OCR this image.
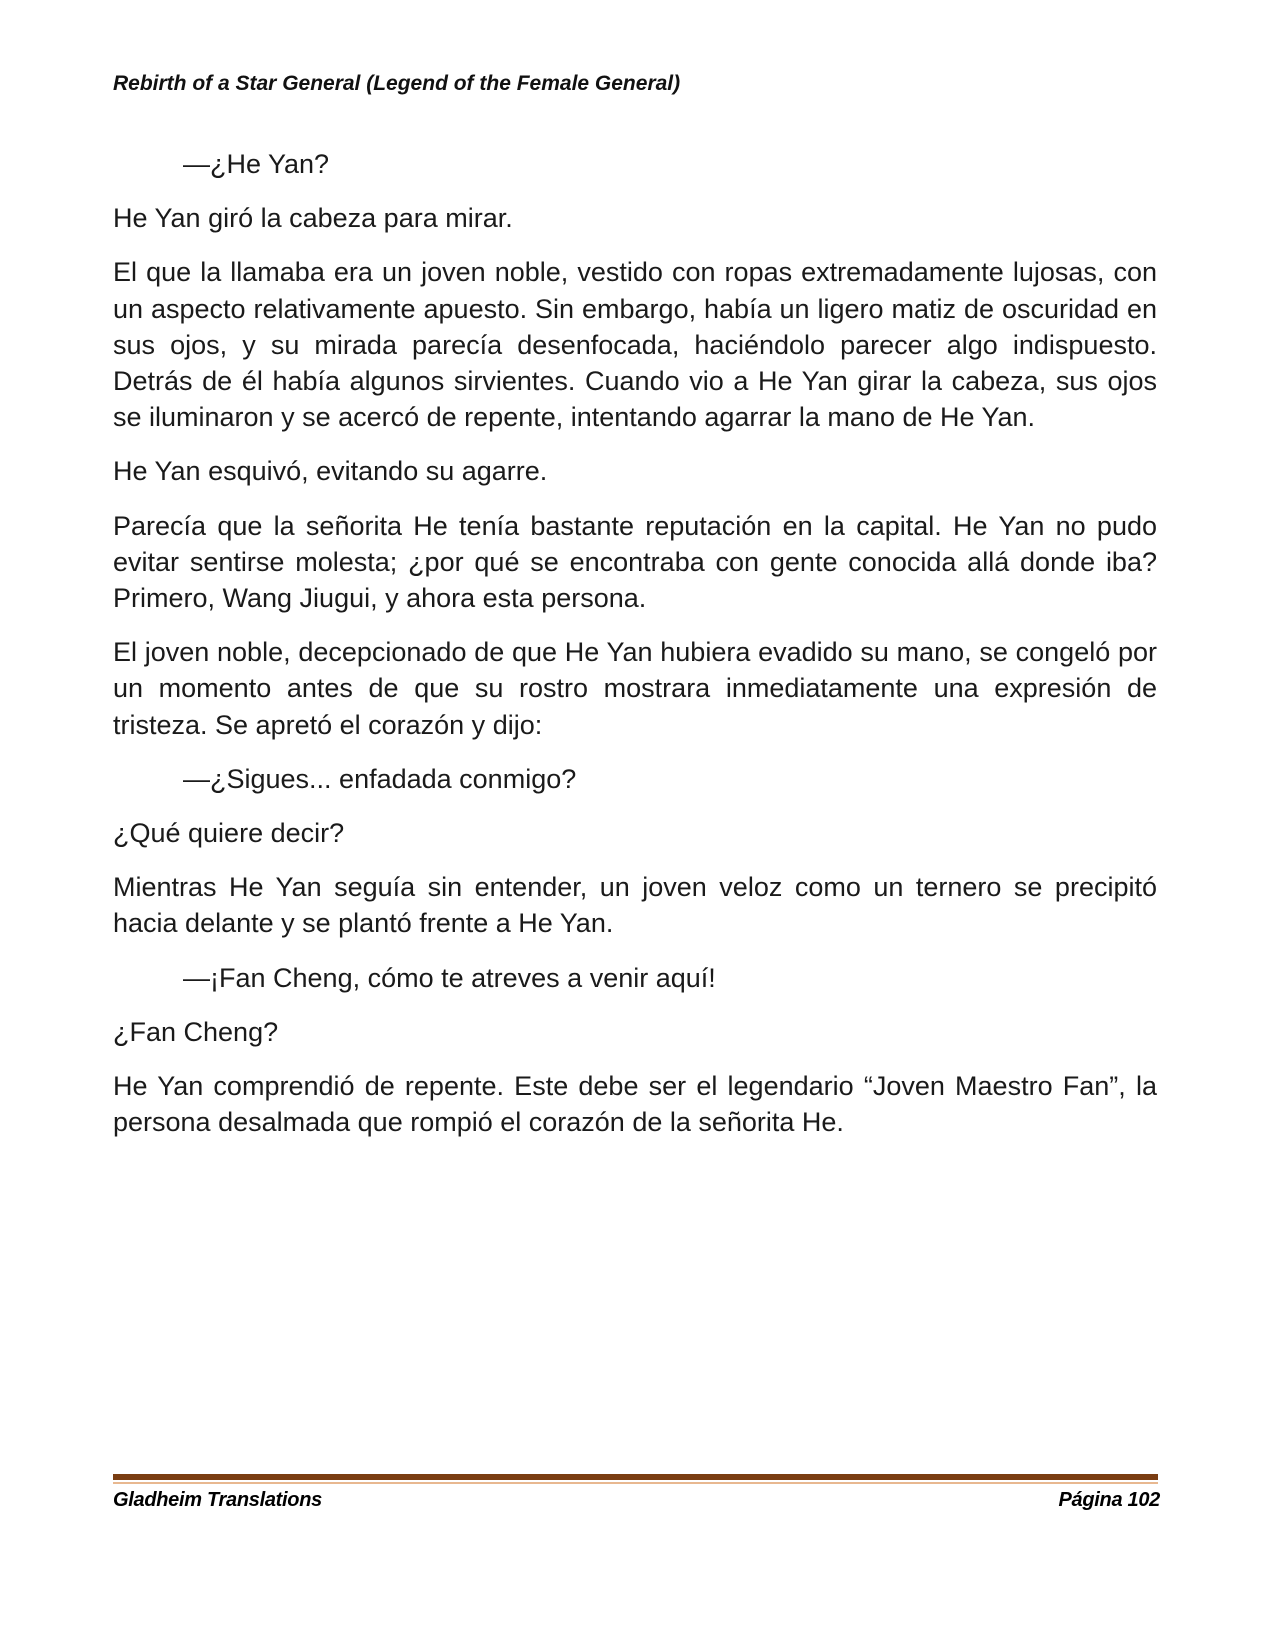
Rebirth of a Star General (Legend of the Female General)

—¿He Yan?

He Yan giró la cabeza para mirar.

El que la llamaba era un joven noble, vestido con ropas extremadamente lujosas, con un aspecto relativamente apuesto. Sin embargo, había un ligero matiz de oscuridad en sus ojos, y su mirada parecía desenfocada, haciéndolo parecer algo indispuesto. Detrás de él había algunos sirvientes. Cuando vio a He Yan girar la cabeza, sus ojos se iluminaron y se acercó de repente, intentando agarrar la mano de He Yan.

He Yan esquivó, evitando su agarre.

Parecía que la señorita He tenía bastante reputación en la capital. He Yan no pudo evitar sentirse molesta; ¿por qué se encontraba con gente conocida allá donde iba? Primero, Wang Jiugui, y ahora esta persona.

El joven noble, decepcionado de que He Yan hubiera evadido su mano, se congeló por un momento antes de que su rostro mostrara inmediatamente una expresión de tristeza. Se apretó el corazón y dijo:

—¿Sigues... enfadada conmigo?

¿Qué quiere decir?

Mientras He Yan seguía sin entender, un joven veloz como un ternero se precipitó hacia delante y se plantó frente a He Yan.

—¡Fan Cheng, cómo te atreves a venir aquí!

¿Fan Cheng?

He Yan comprendió de repente. Este debe ser el legendario “Joven Maestro Fan”, la persona desalmada que rompió el corazón de la señorita He.

Gladheim Translations	Página 102
